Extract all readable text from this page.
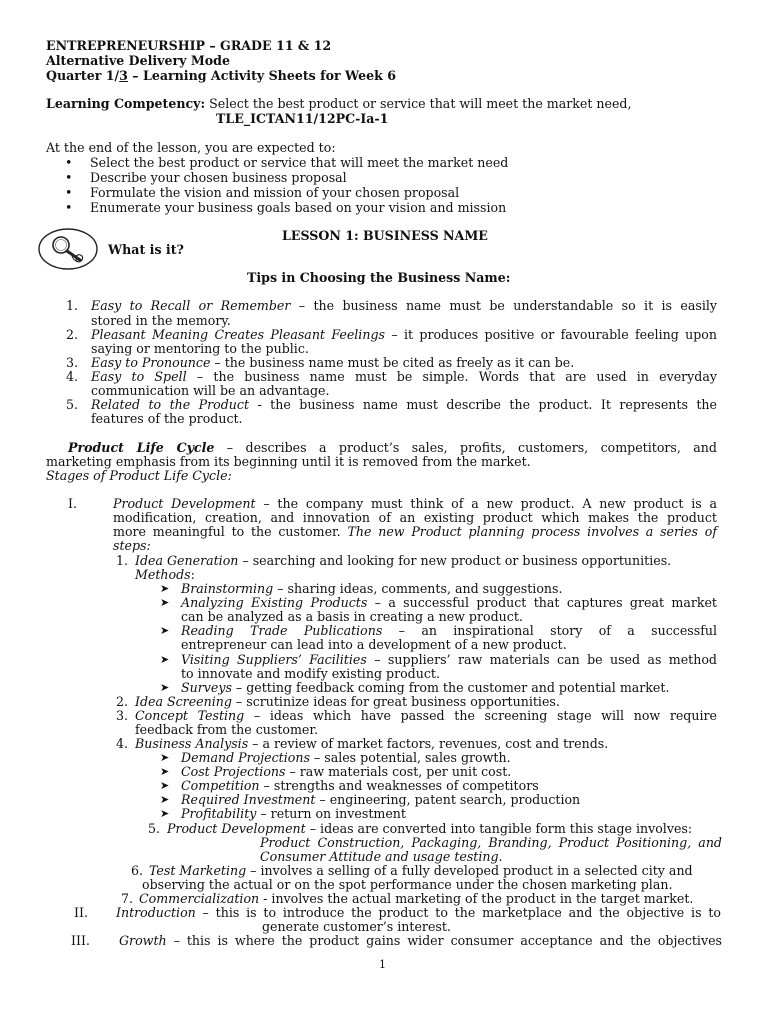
ENTREPRENEURSHIP – GRADE 11 & 12
Alternative Delivery Mode
Quarter 1/3 – Learning Activity Sheets for Week 6
Learning Competency: Select the best product or service that will meet the market need,
TLE_ICTAN11/12PC-Ia-1
At the end of the lesson, you are expected to:
• Select the best product or service that will meet the market need
• Describe your chosen business proposal
• Formulate the vision and mission of your chosen proposal
• Enumerate your business goals based on your vision and mission
LESSON 1: BUSINESS NAME
What is it?
Tips in Choosing the Business Name:
1. Easy to Recall or Remember – the business name must be understandable so it is easily
stored in the memory.
2. Pleasant Meaning Creates Pleasant Feelings – it produces positive or favourable feeling upon
saying or mentoring to the public.
3. Easy to Pronounce – the business name must be cited as freely as it can be.
4. Easy to Spell – the business name must be simple. Words that are used in everyday
communication will be an advantage.
5. Related to the Product - the business name must describe the product. It represents the
features of the product.
Product Life Cycle – describes a product’s sales, profits, customers, competitors, and
marketing emphasis from its beginning until it is removed from the market.
Stages of Product Life Cycle:
I.	Product Development – the company must think of a new product. A new product is a
modification, creation, and innovation of an existing product which makes the product
more meaningful to the customer. The new Product planning process involves a series of
steps:
1. Idea Generation – searching and looking for new product or business opportunities.
Methods:
➤ Brainstorming – sharing ideas, comments, and suggestions.
➤ Analyzing Existing Products – a successful product that captures great market
can be analyzed as a basis in creating a new product.
➤ Reading Trade Publications – an inspirational story of a successful
entrepreneur can lead into a development of a new product.
➤ Visiting Suppliers’ Facilities – suppliers’ raw materials can be used as method
to innovate and modify existing product.
➤ Surveys – getting feedback coming from the customer and potential market.
2. Idea Screening – scrutinize ideas for great business opportunities.
3. Concept Testing – ideas which have passed the screening stage will now require
feedback from the customer.
4. Business Analysis – a review of market factors, revenues, cost and trends.
➤ Demand Projections – sales potential, sales growth.
➤ Cost Projections – raw materials cost, per unit cost.
➤ Competition – strengths and weaknesses of competitors
➤ Required Investment – engineering, patent search, production
➤ Profitability – return on investment
5. Product Development – ideas are converted into tangible form this stage involves:
Product Construction, Packaging, Branding, Product Positioning, and
Consumer Attitude and usage testing.
6. Test Marketing – involves a selling of a fully developed product in a selected city and
observing the actual or on the spot performance under the chosen marketing plan.
7. Commercialization - involves the actual marketing of the product in the target market.
II. Introduction – this is to introduce the product to the marketplace and the objective is to
generate customer’s interest.
III. Growth – this is where the product gains wider consumer acceptance and the objectives
1
